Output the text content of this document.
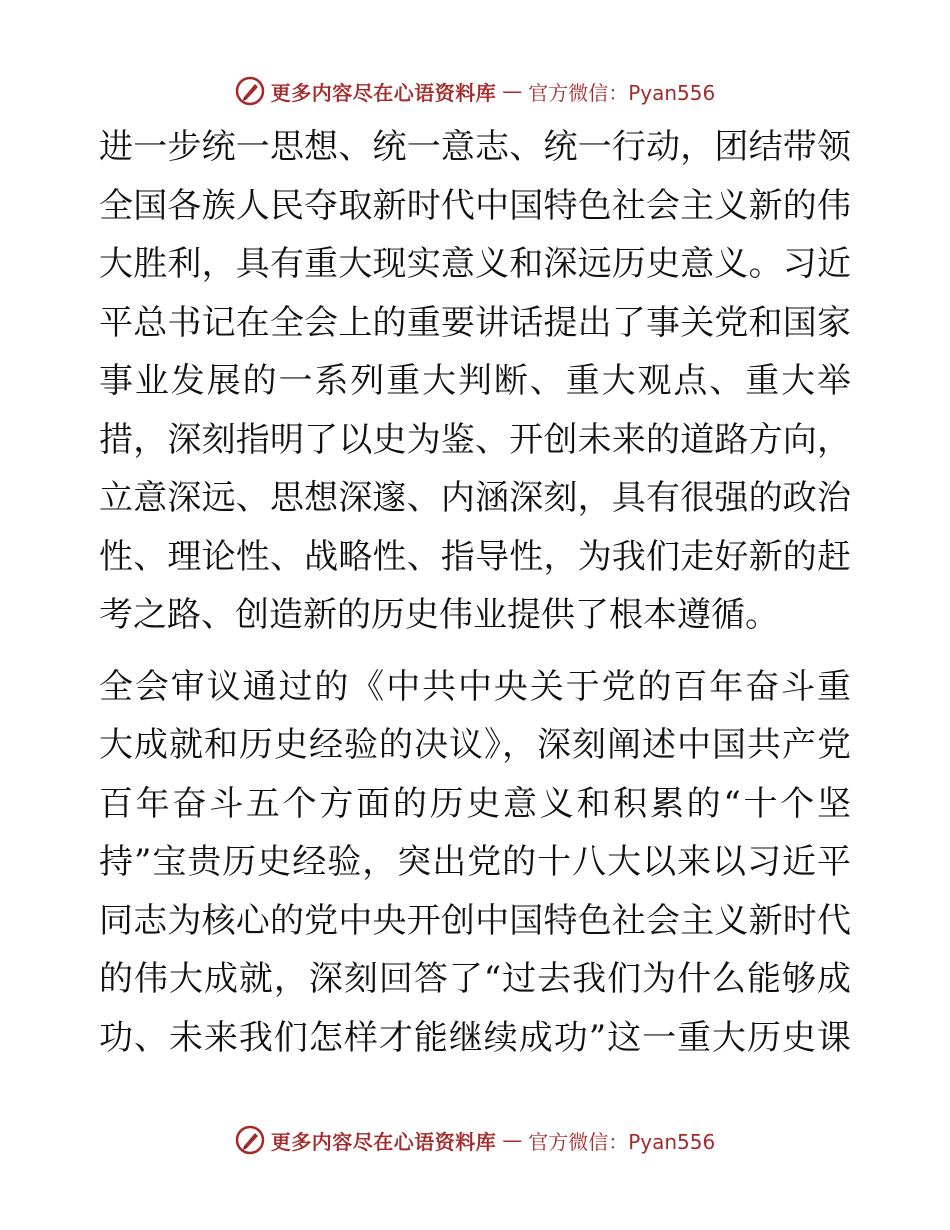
更多内容尽在心语资料库 — 官方微信：Pyan556

进一步统一思想、统一意志、统一行动，团结带领
全国各族人民夺取新时代中国特色社会主义新的伟
大胜利，具有重大现实意义和深远历史意义。习近
平总书记在全会上的重要讲话提出了事关党和国家
事业发展的一系列重大判断、重大观点、重大举
措，深刻指明了以史为鉴、开创未来的道路方向，
立意深远、思想深邃、内涵深刻，具有很强的政治
性、理论性、战略性、指导性，为我们走好新的赶
考之路、创造新的历史伟业提供了根本遵循。

全会审议通过的《中共中央关于党的百年奋斗重
大成就和历史经验的决议》，深刻阐述中国共产党
百年奋斗五个方面的历史意义和积累的“十个坚
持”宝贵历史经验，突出党的十八大以来以习近平
同志为核心的党中央开创中国特色社会主义新时代
的伟大成就，深刻回答了“过去我们为什么能够成
功、未来我们怎样才能继续成功”这一重大历史课

更多内容尽在心语资料库 — 官方微信：Pyan556
